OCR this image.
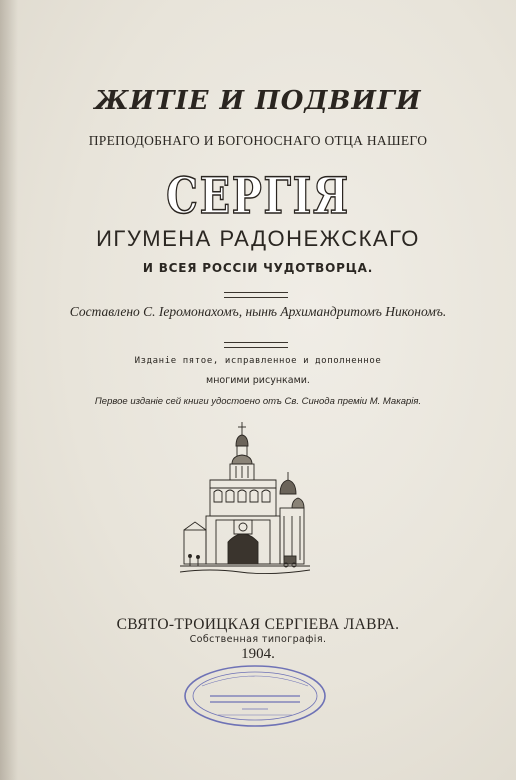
ЖИТІЕ И ПОДВИГИ
ПРЕПОДОБНАГО И БОГОНОСНАГО ОТЦА НАШЕГО
СЕРГІЯ
ИГУМЕНА РАДОНЕЖСКАГО
И ВСЕЯ РОССІИ ЧУДОТВОРЦА.
Составлено С. Іеромонахомъ, нынѣ Архимандритомъ Никономъ.
Изданіе пятое, исправленное и дополненное
многими рисунками.
Первое изданіе сей книги удостоено отъ Св. Синода преміи М. Макарія.
СВЯТО-ТРОИЦКАЯ СЕРГІЕВА ЛАВРА.
Собственная типографія.
1904.
